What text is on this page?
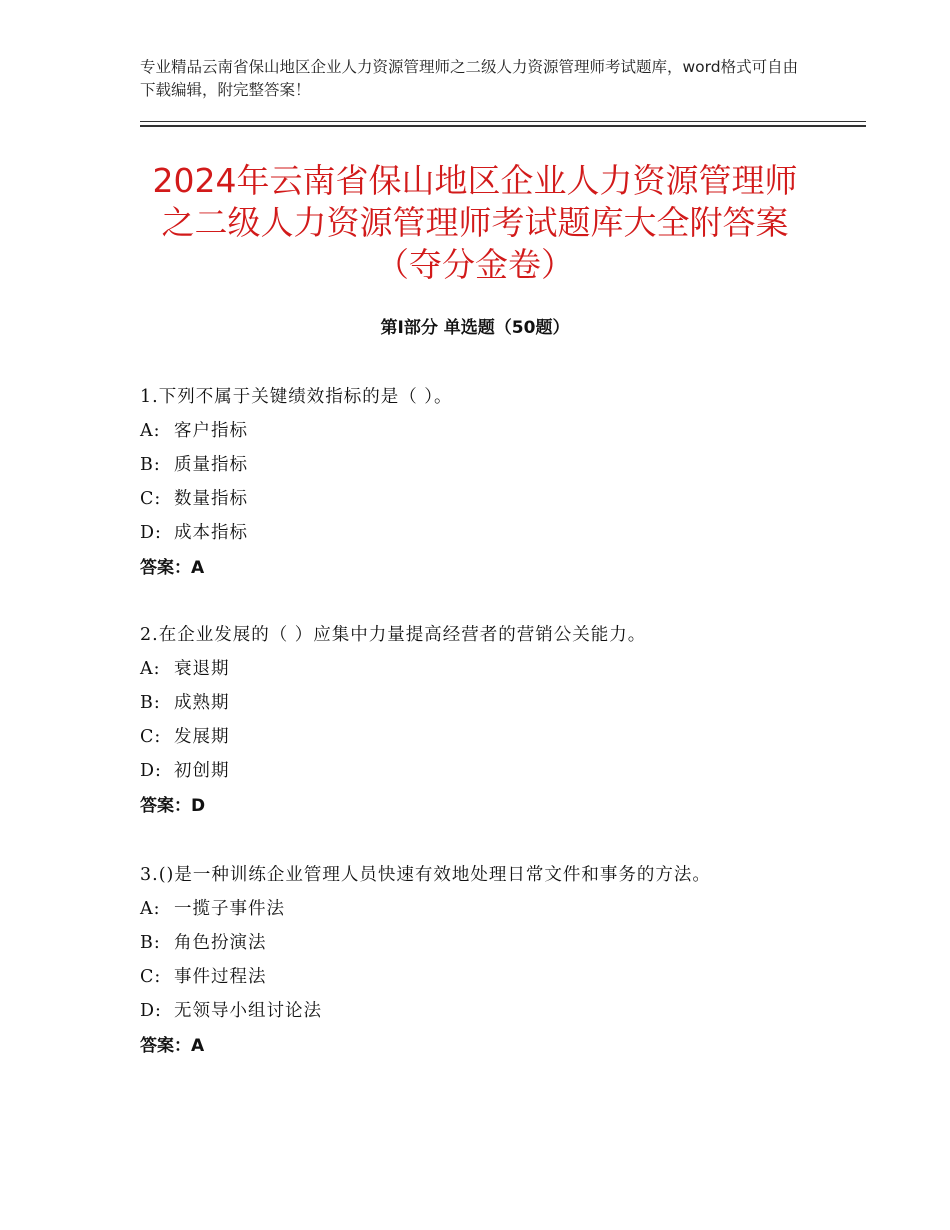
专业精品云南省保山地区企业人力资源管理师之二级人力资源管理师考试题库，word格式可自由下载编辑，附完整答案！
2024年云南省保山地区企业人力资源管理师
之二级人力资源管理师考试题库大全附答案
（夺分金卷）
第Ⅰ部分 单选题（50题）
1.下列不属于关键绩效指标的是（ ）。
A: 客户指标
B: 质量指标
C: 数量指标
D: 成本指标
答案：A
2.在企业发展的（ ）应集中力量提高经营者的营销公关能力。
A: 衰退期
B: 成熟期
C: 发展期
D: 初创期
答案：D
3.()是一种训练企业管理人员快速有效地处理日常文件和事务的方法。
A: 一揽子事件法
B: 角色扮演法
C: 事件过程法
D: 无领导小组讨论法
答案：A
